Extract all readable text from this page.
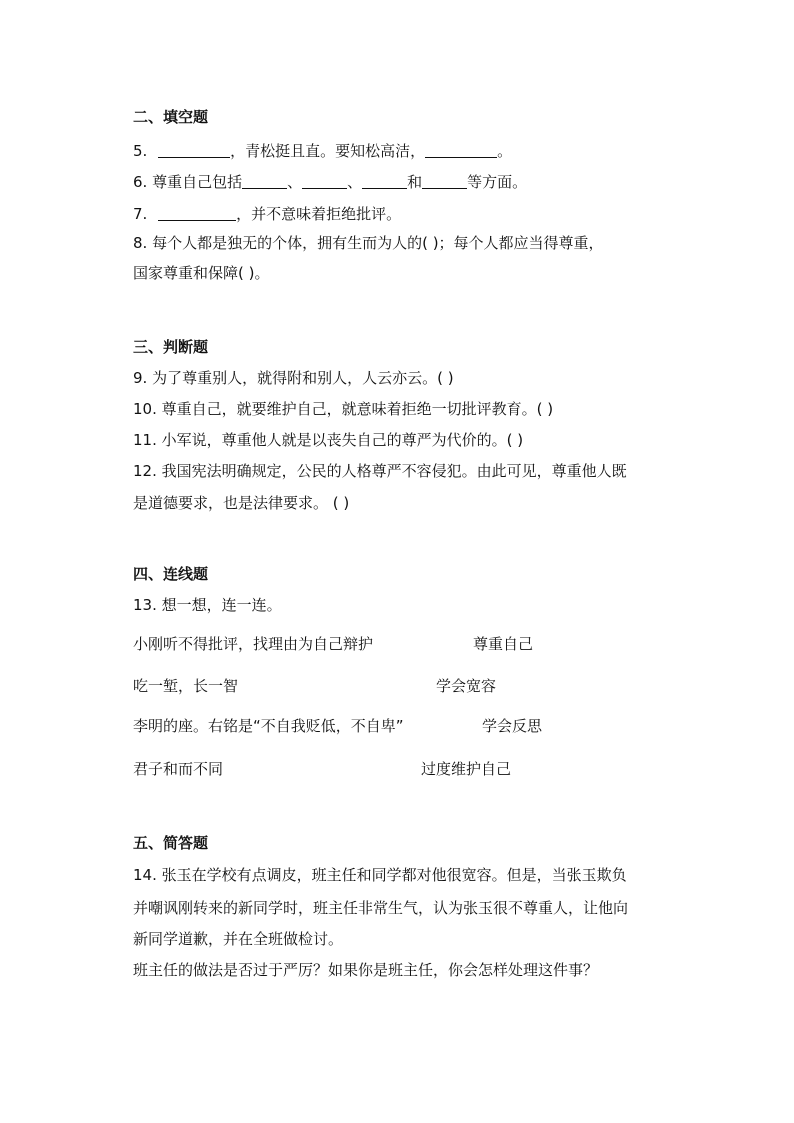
二、填空题
5.	，青松挺且直。要知松高洁，	。
6. 尊重自己包括	、	、	和	等方面。
7.	，并不意味着拒绝批评。
8. 每个人都是独无的个体，拥有生而为人的( )；每个人都应当得尊重，
国家尊重和保障( )。
三、判断题
9. 为了尊重别人，就得附和别人，人云亦云。( )
10. 尊重自己，就要维护自己，就意味着拒绝一切批评教育。( )
11. 小军说，尊重他人就是以丧失自己的尊严为代价的。( )
12. 我国宪法明确规定，公民的人格尊严不容侵犯。由此可见，尊重他人既
是道德要求，也是法律要求。 ( )
四、连线题
13. 想一想，连一连。
小刚听不得批评，找理由为自己辩护	尊重自己
吃一堑，长一智	学会宽容
李明的座。右铭是“不自我贬低，不自卑”	学会反思
君子和而不同	过度维护自己
五、简答题
14. 张玉在学校有点调皮，班主任和同学都对他很宽容。但是，当张玉欺负
并嘲讽刚转来的新同学时，班主任非常生气，认为张玉很不尊重人，让他向
新同学道歉，并在全班做检讨。
班主任的做法是否过于严厉？如果你是班主任，你会怎样处理这件事？
